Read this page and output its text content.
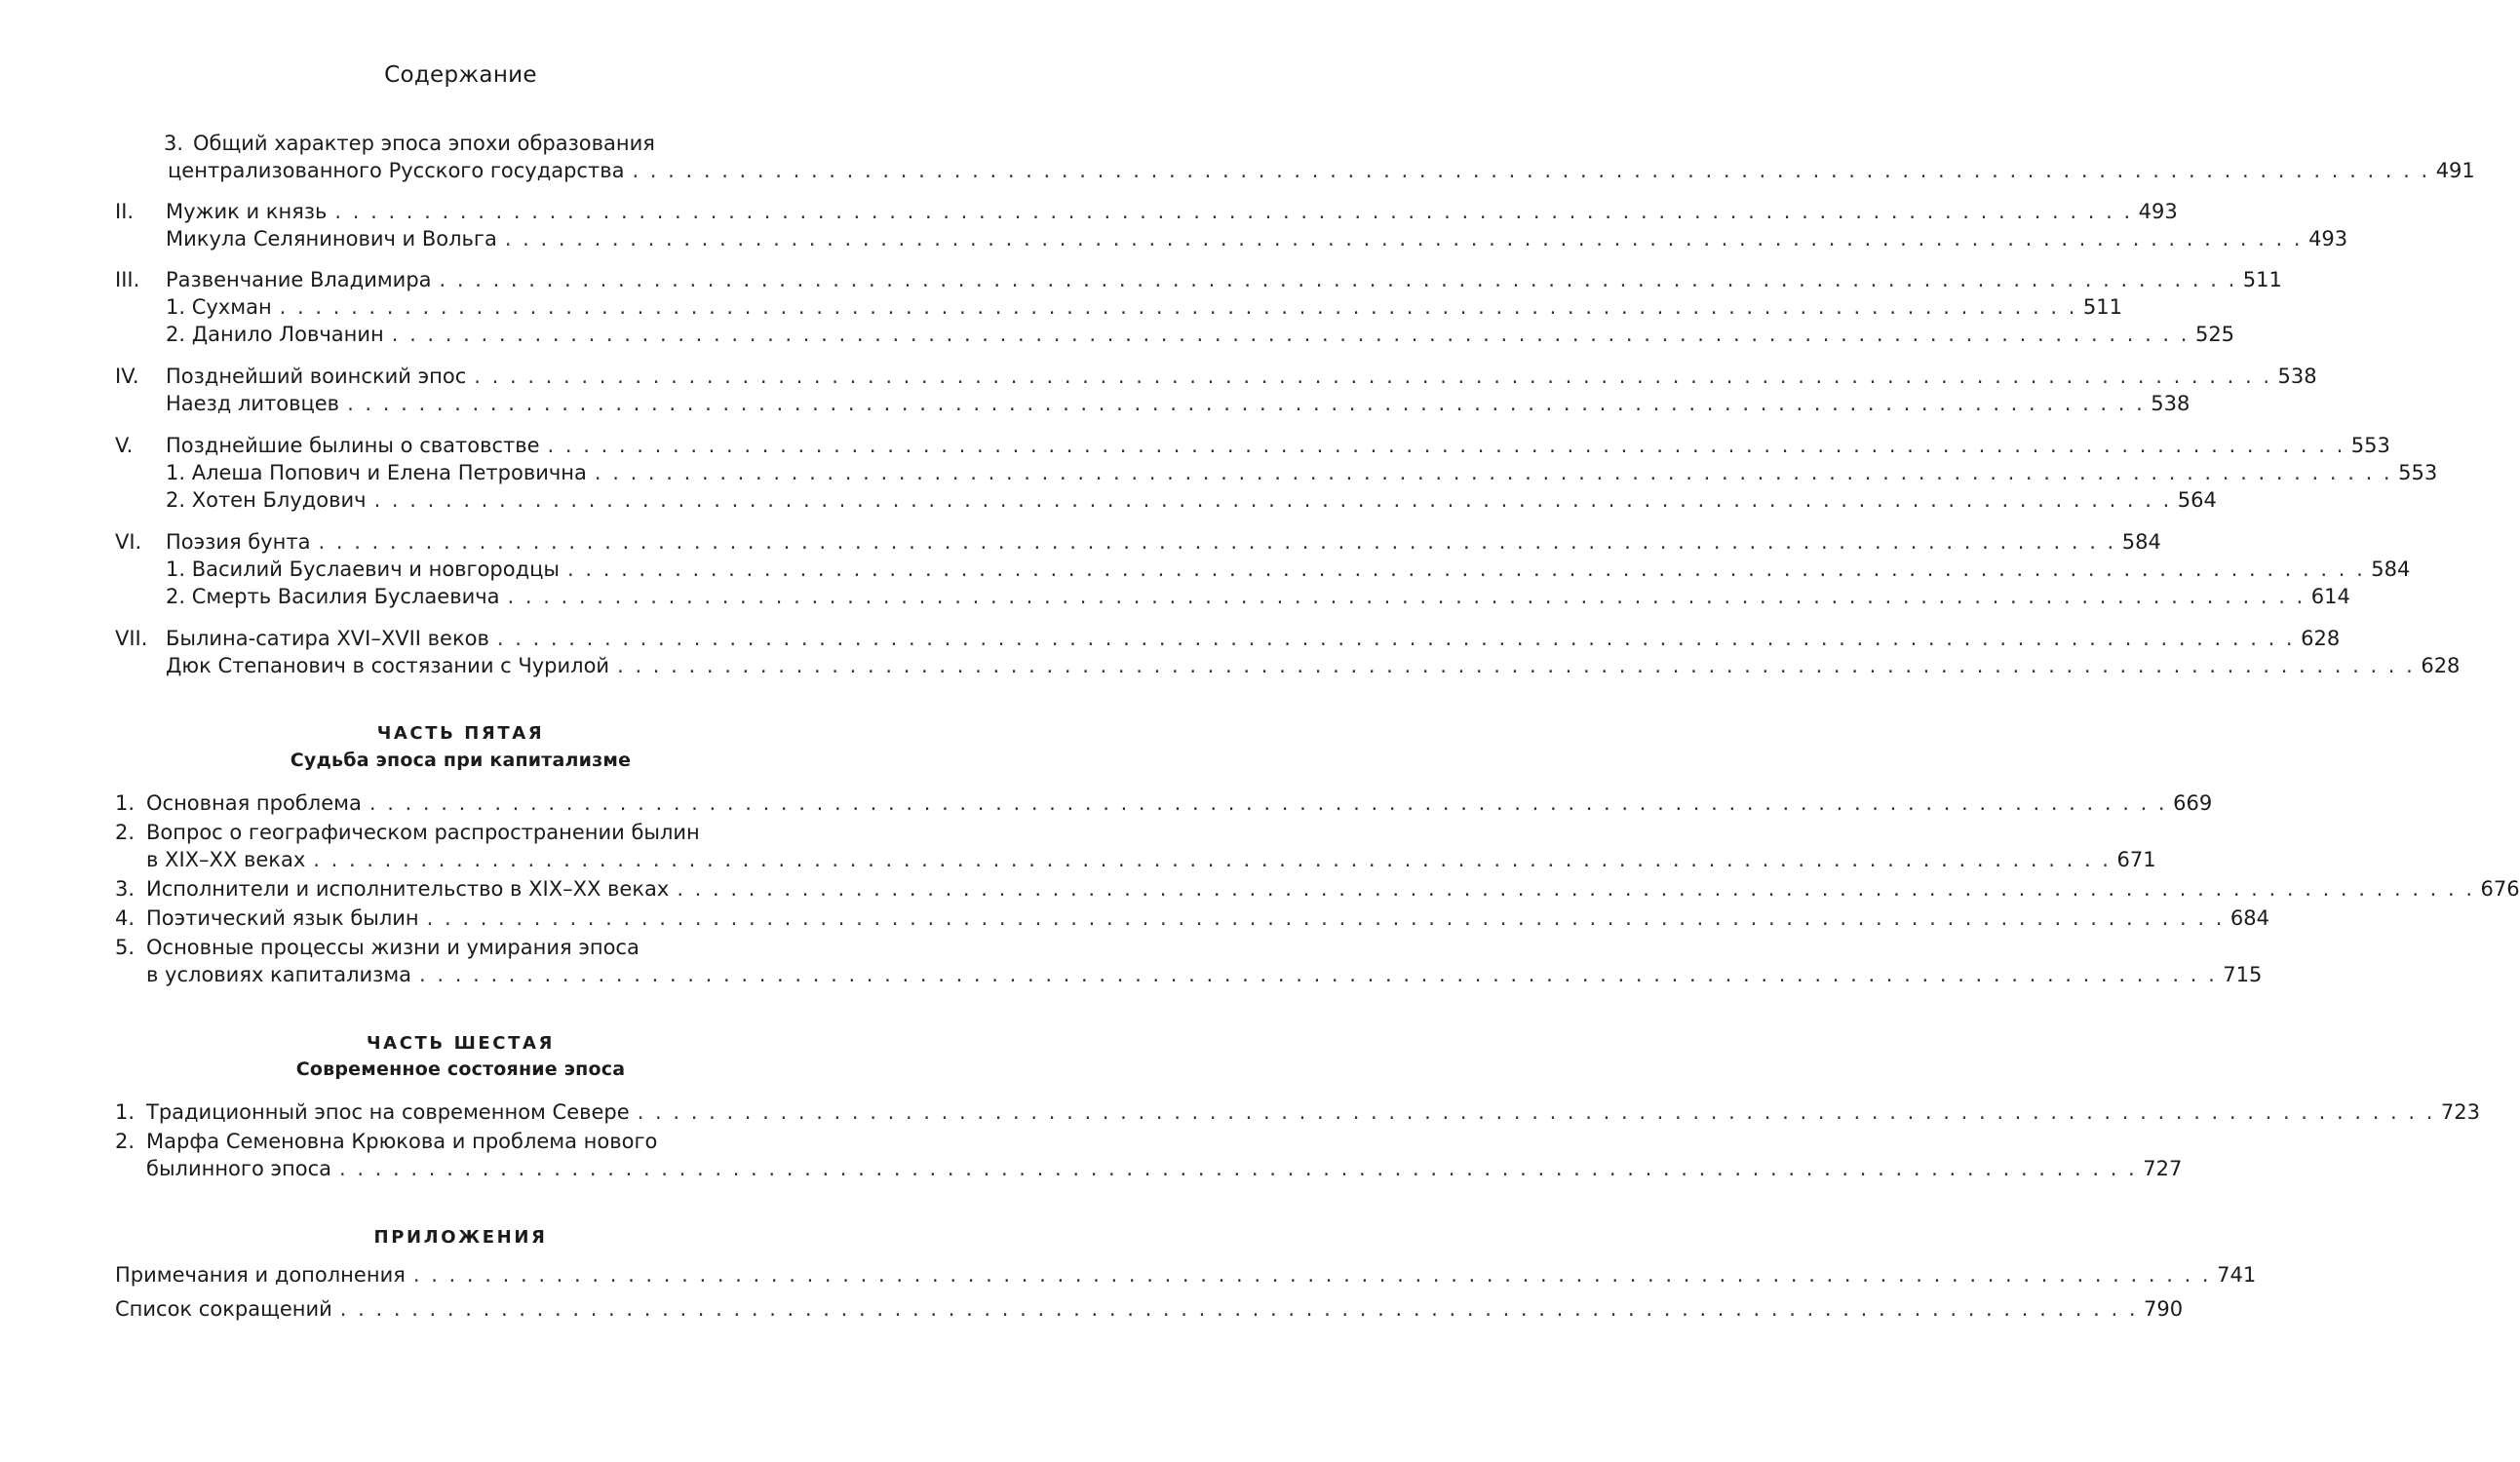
Содержание
3. Общий характер эпоса эпохи образования
централизованного Русского государства . . . . . . . . . . . . . . . . . . . . . . . . . . . . . . . . . . . . . . . . . . . . . . . . . . . . . . . . . . . . . . . . . . . . . . . . . . . . . . . . . . . . . . . . . . . . . . . . . . . . . 491
II. Мужик и князь . . . . . . . . . . . . . . . . . . . . . . . . . . . . . . . . . . . . . . . . . . . . . . . . . . . . . . . . . . . . . . . . . . . . . . . . . . . . . . . . . . . . . . . . . . . . . . . . . . . . . 493
Микула Селянинович и Вольга . . . . . . . . . . . . . . . . . . . . . . . . . . . . . . . . . . . . . . . . . . . . . . . . . . . . . . . . . . . . . . . . . . . . . . . . . . . . . . . . . . . . . . . . . . . . . . . . . . . . . 493
III. Развенчание Владимира . . . . . . . . . . . . . . . . . . . . . . . . . . . . . . . . . . . . . . . . . . . . . . . . . . . . . . . . . . . . . . . . . . . . . . . . . . . . . . . . . . . . . . . . . . . . . . . . . . . . . 511
1. Сухман . . . . . . . . . . . . . . . . . . . . . . . . . . . . . . . . . . . . . . . . . . . . . . . . . . . . . . . . . . . . . . . . . . . . . . . . . . . . . . . . . . . . . . . . . . . . . . . . . . . . . 511
2. Данило Ловчанин . . . . . . . . . . . . . . . . . . . . . . . . . . . . . . . . . . . . . . . . . . . . . . . . . . . . . . . . . . . . . . . . . . . . . . . . . . . . . . . . . . . . . . . . . . . . . . . . . . . . . 525
IV. Позднейший воинский эпос . . . . . . . . . . . . . . . . . . . . . . . . . . . . . . . . . . . . . . . . . . . . . . . . . . . . . . . . . . . . . . . . . . . . . . . . . . . . . . . . . . . . . . . . . . . . . . . . . . . . . 538
Наезд литовцев . . . . . . . . . . . . . . . . . . . . . . . . . . . . . . . . . . . . . . . . . . . . . . . . . . . . . . . . . . . . . . . . . . . . . . . . . . . . . . . . . . . . . . . . . . . . . . . . . . . . . 538
V. Позднейшие былины о сватовстве . . . . . . . . . . . . . . . . . . . . . . . . . . . . . . . . . . . . . . . . . . . . . . . . . . . . . . . . . . . . . . . . . . . . . . . . . . . . . . . . . . . . . . . . . . . . . . . . . . . . . 553
1. Алеша Попович и Елена Петровична . . . . . . . . . . . . . . . . . . . . . . . . . . . . . . . . . . . . . . . . . . . . . . . . . . . . . . . . . . . . . . . . . . . . . . . . . . . . . . . . . . . . . . . . . . . . . . . . . . . . . 553
2. Хотен Блудович . . . . . . . . . . . . . . . . . . . . . . . . . . . . . . . . . . . . . . . . . . . . . . . . . . . . . . . . . . . . . . . . . . . . . . . . . . . . . . . . . . . . . . . . . . . . . . . . . . . . . 564
VI. Поэзия бунта . . . . . . . . . . . . . . . . . . . . . . . . . . . . . . . . . . . . . . . . . . . . . . . . . . . . . . . . . . . . . . . . . . . . . . . . . . . . . . . . . . . . . . . . . . . . . . . . . . . . . 584
1. Василий Буслаевич и новгородцы . . . . . . . . . . . . . . . . . . . . . . . . . . . . . . . . . . . . . . . . . . . . . . . . . . . . . . . . . . . . . . . . . . . . . . . . . . . . . . . . . . . . . . . . . . . . . . . . . . . . . 584
2. Смерть Василия Буслаевича . . . . . . . . . . . . . . . . . . . . . . . . . . . . . . . . . . . . . . . . . . . . . . . . . . . . . . . . . . . . . . . . . . . . . . . . . . . . . . . . . . . . . . . . . . . . . . . . . . . . . 614
VII. Былина-сатира XVI–XVII веков . . . . . . . . . . . . . . . . . . . . . . . . . . . . . . . . . . . . . . . . . . . . . . . . . . . . . . . . . . . . . . . . . . . . . . . . . . . . . . . . . . . . . . . . . . . . . . . . . . . . . 628
Дюк Степанович в состязании с Чурилой . . . . . . . . . . . . . . . . . . . . . . . . . . . . . . . . . . . . . . . . . . . . . . . . . . . . . . . . . . . . . . . . . . . . . . . . . . . . . . . . . . . . . . . . . . . . . . . . . . . . . 628
ЧАСТЬ ПЯТАЯ
Судьба эпоса при капитализме
1. Основная проблема . . . . . . . . . . . . . . . . . . . . . . . . . . . . . . . . . . . . . . . . . . . . . . . . . . . . . . . . . . . . . . . . . . . . . . . . . . . . . . . . . . . . . . . . . . . . . . . . . . . . . 669
2. Вопрос о географическом распространении былин
в XIX–XX веках . . . . . . . . . . . . . . . . . . . . . . . . . . . . . . . . . . . . . . . . . . . . . . . . . . . . . . . . . . . . . . . . . . . . . . . . . . . . . . . . . . . . . . . . . . . . . . . . . . . . . 671
3. Исполнители и исполнительство в XIX–XX веках . . . . . . . . . . . . . . . . . . . . . . . . . . . . . . . . . . . . . . . . . . . . . . . . . . . . . . . . . . . . . . . . . . . . . . . . . . . . . . . . . . . . . . . . . . . . . . . . . . . . . 676
4. Поэтический язык былин . . . . . . . . . . . . . . . . . . . . . . . . . . . . . . . . . . . . . . . . . . . . . . . . . . . . . . . . . . . . . . . . . . . . . . . . . . . . . . . . . . . . . . . . . . . . . . . . . . . . . 684
5. Основные процессы жизни и умирания эпоса
в условиях капитализма . . . . . . . . . . . . . . . . . . . . . . . . . . . . . . . . . . . . . . . . . . . . . . . . . . . . . . . . . . . . . . . . . . . . . . . . . . . . . . . . . . . . . . . . . . . . . . . . . . . . . 715
ЧАСТЬ ШЕСТАЯ
Современное состояние эпоса
1. Традиционный эпос на современном Севере . . . . . . . . . . . . . . . . . . . . . . . . . . . . . . . . . . . . . . . . . . . . . . . . . . . . . . . . . . . . . . . . . . . . . . . . . . . . . . . . . . . . . . . . . . . . . . . . . . . . . 723
2. Марфа Семеновна Крюкова и проблема нового
былинного эпоса . . . . . . . . . . . . . . . . . . . . . . . . . . . . . . . . . . . . . . . . . . . . . . . . . . . . . . . . . . . . . . . . . . . . . . . . . . . . . . . . . . . . . . . . . . . . . . . . . . . . . 727
ПРИЛОЖЕНИЯ
Примечания и дополнения . . . . . . . . . . . . . . . . . . . . . . . . . . . . . . . . . . . . . . . . . . . . . . . . . . . . . . . . . . . . . . . . . . . . . . . . . . . . . . . . . . . . . . . . . . . . . . . . . . . . . 741
Список сокращений . . . . . . . . . . . . . . . . . . . . . . . . . . . . . . . . . . . . . . . . . . . . . . . . . . . . . . . . . . . . . . . . . . . . . . . . . . . . . . . . . . . . . . . . . . . . . . . . . . . . . 790
